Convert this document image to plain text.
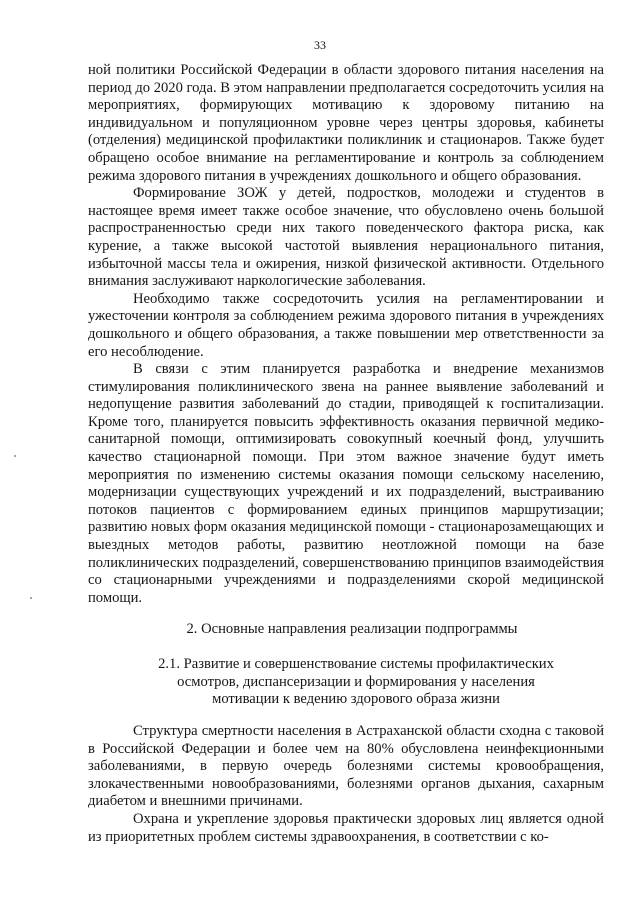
33

ной политики Российской Федерации в области здорового питания населения на период до 2020 года. В этом направлении предполагается сосредоточить усилия на мероприятиях, формирующих мотивацию к здоровому питанию на индивидуальном и популяционном уровне через центры здоровья, кабинеты (отделения) медицинской профилактики поликлиник и стационаров. Также будет обращено особое внимание на регламентирование и контроль за соблюдением режима здорового питания в учреждениях дошкольного и общего образования.

Формирование ЗОЖ у детей, подростков, молодежи и студентов в настоящее время имеет также особое значение, что обусловлено очень большой распространенностью среди них такого поведенческого фактора риска, как курение, а также высокой частотой выявления нерационального питания, избыточной массы тела и ожирения, низкой физической активности. Отдельного внимания заслуживают наркологические заболевания.

Необходимо также сосредоточить усилия на регламентировании и ужесточении контроля за соблюдением режима здорового питания в учреждениях дошкольного и общего образования, а также повышении мер ответственности за его несоблюдение.

В связи с этим планируется разработка и внедрение механизмов стимулирования поликлинического звена на раннее выявление заболеваний и недопущение развития заболеваний до стадии, приводящей к госпитализации. Кроме того, планируется повысить эффективность оказания первичной медико-санитарной помощи, оптимизировать совокупный коечный фонд, улучшить качество стационарной помощи. При этом важное значение будут иметь мероприятия по изменению системы оказания помощи сельскому населению, модернизации существующих учреждений и их подразделений, выстраиванию потоков пациентов с формированием единых принципов маршрутизации; развитию новых форм оказания медицинской помощи - стационарозамещающих и выездных методов работы, развитию неотложной помощи на базе поликлинических подразделений, совершенствованию принципов взаимодействия со стационарными учреждениями и подразделениями скорой медицинской помощи.

2. Основные направления реализации подпрограммы

2.1. Развитие и совершенствование системы профилактических
осмотров, диспансеризации и формирования у населения
мотивации к ведению здорового образа жизни

Структура смертности населения в Астраханской области сходна с таковой в Российской Федерации и более чем на 80% обусловлена неинфекционными заболеваниями, в первую очередь болезнями системы кровообращения, злокачественными новообразованиями, болезнями органов дыхания, сахарным диабетом и внешними причинами.

Охрана и укрепление здоровья практически здоровых лиц является одной из приоритетных проблем системы здравоохранения, в соответствии с ко-
